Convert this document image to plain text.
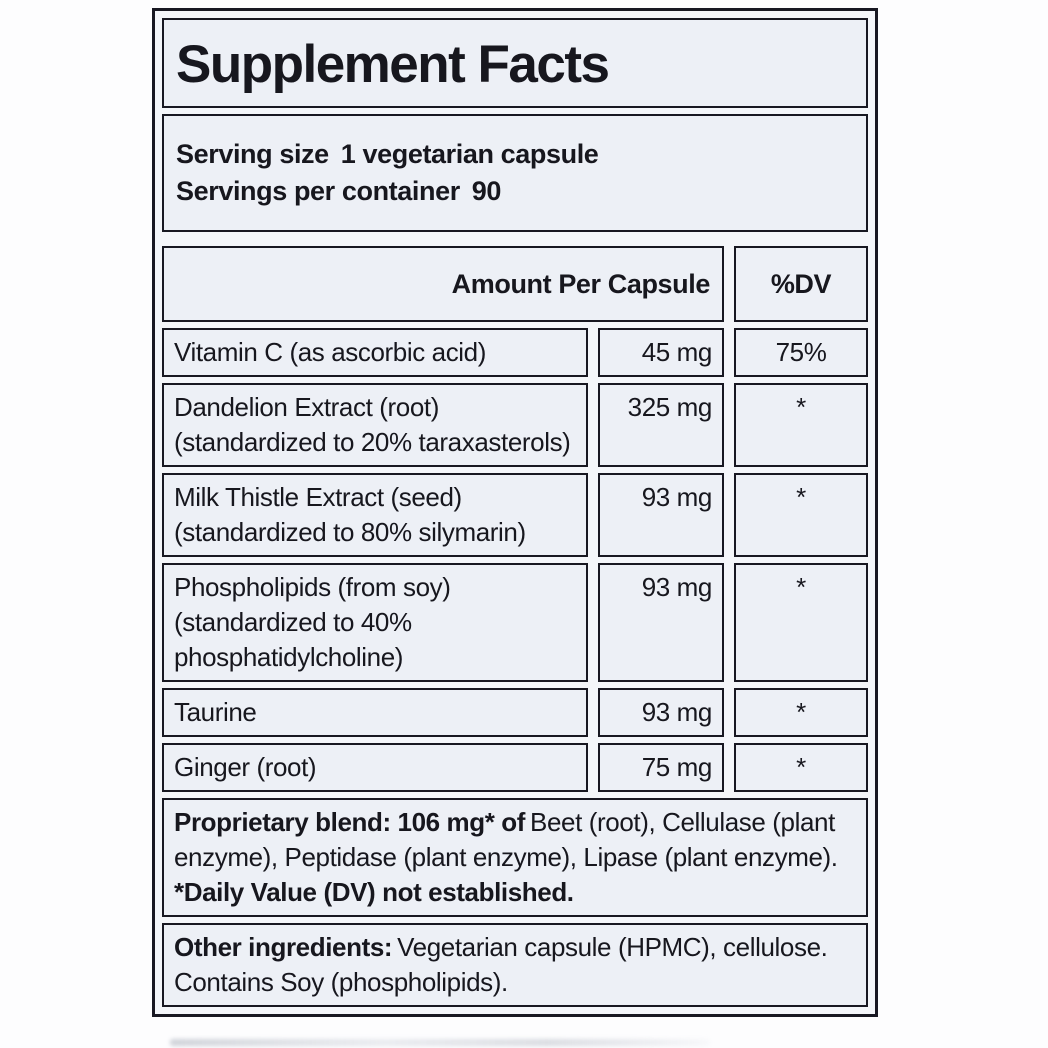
Supplement Facts
Serving size 1 vegetarian capsule
Servings per container 90
Amount Per Capsule	%DV
Vitamin C (as ascorbic acid)	45 mg	75%
Dandelion Extract (root)
(standardized to 20% taraxasterols)
325 mg	*
Milk Thistle Extract (seed)
(standardized to 80% silymarin)
93 mg	*
Phospholipids (from soy)
(standardized to 40% phosphatidylcholine)
93 mg	*
Taurine	93 mg	*
Ginger (root)	75 mg	*

Proprietary blend: 106 mg* of Beet (root), Cellulase (plant enzyme), Peptidase (plant enzyme), Lipase (plant enzyme).

*Daily Value (DV) not established.

Other ingredients: Vegetarian capsule (HPMC), cellulose.

Contains Soy (phospholipids).
